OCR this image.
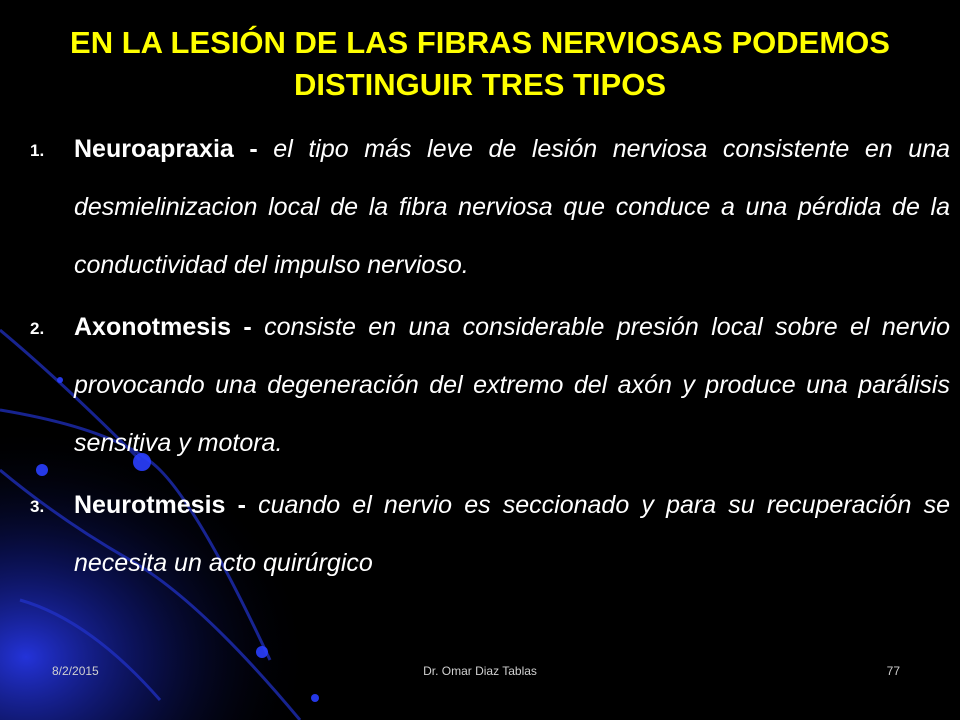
EN LA LESIÓN DE LAS FIBRAS NERVIOSAS PODEMOS DISTINGUIR TRES TIPOS
1. Neuroapraxia - el tipo más leve de lesión nerviosa consistente en una desmielinizacion local de la fibra nerviosa que conduce a una pérdida de la conductividad del impulso nervioso.
2. Axonotmesis - consiste en una considerable presión local sobre el nervio provocando una degeneración del extremo del axón y produce una parálisis sensitiva y motora.
3. Neurotmesis - cuando el nervio es seccionado y para su recuperación se necesita un acto quirúrgico
8/2/2015	Dr. Omar Diaz Tablas	77
